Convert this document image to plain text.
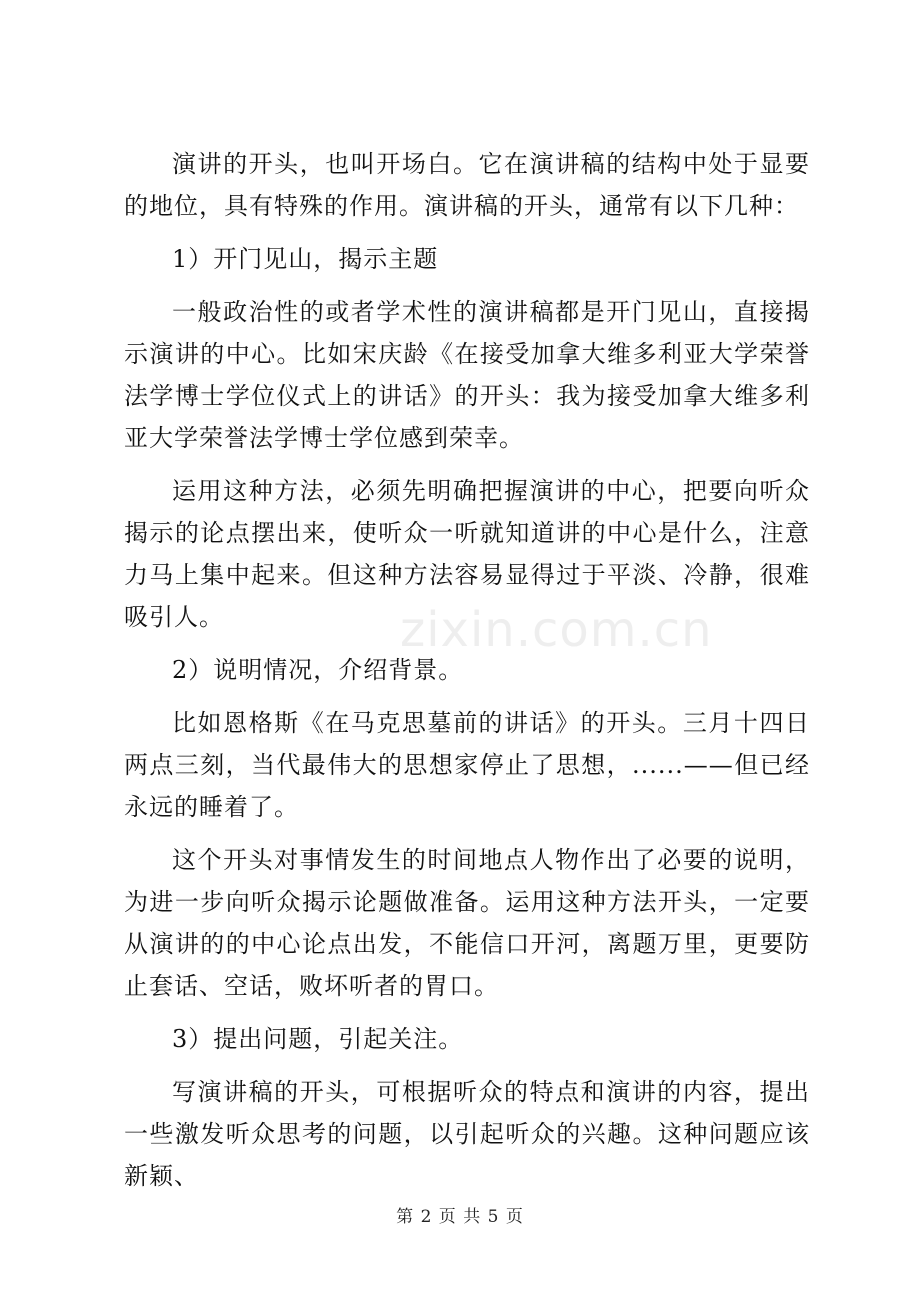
演讲的开头，也叫开场白。它在演讲稿的结构中处于显要的地位，具有特殊的作用。演讲稿的开头，通常有以下几种：

1）开门见山，揭示主题

一般政治性的或者学术性的演讲稿都是开门见山，直接揭示演讲的中心。比如宋庆龄《在接受加拿大维多利亚大学荣誉法学博士学位仪式上的讲话》的开头：我为接受加拿大维多利亚大学荣誉法学博士学位感到荣幸。

运用这种方法，必须先明确把握演讲的中心，把要向听众揭示的论点摆出来，使听众一听就知道讲的中心是什么，注意力马上集中起来。但这种方法容易显得过于平淡、冷静，很难吸引人。

2）说明情况，介绍背景。

比如恩格斯《在马克思墓前的讲话》的开头。三月十四日两点三刻，当代最伟大的思想家停止了思想，......——但已经永远的睡着了。

这个开头对事情发生的时间地点人物作出了必要的说明，为进一步向听众揭示论题做准备。运用这种方法开头，一定要从演讲的的中心论点出发，不能信口开河，离题万里，更要防止套话、空话，败坏听者的胃口。

3）提出问题，引起关注。

写演讲稿的开头，可根据听众的特点和演讲的内容，提出一些激发听众思考的问题，以引起听众的兴趣。这种问题应该新颖、

zixin.com.cn
第 2 页 共 5 页
